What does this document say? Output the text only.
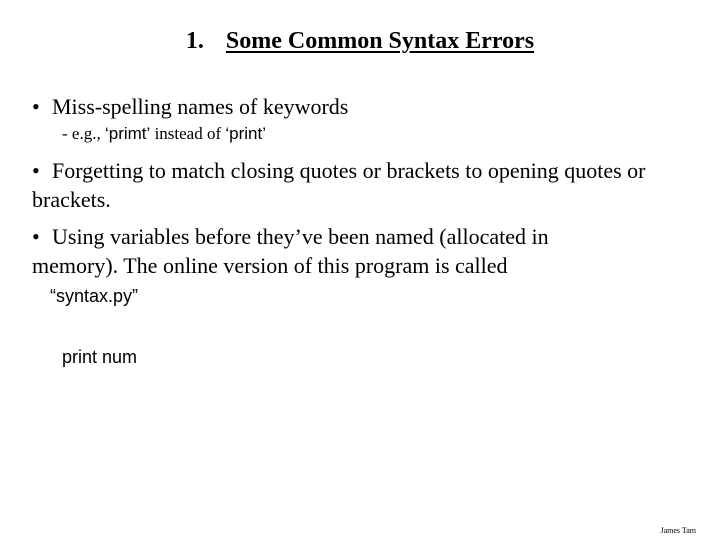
1. Some Common Syntax Errors
• Miss-spelling names of keywords
- e.g., ‘primt’ instead of ‘print’
• Forgetting to match closing quotes or brackets to opening quotes or brackets.
• Using variables before they’ve been named (allocated in memory). The online version of this program is called
“syntax.py”
print num
James Tam
